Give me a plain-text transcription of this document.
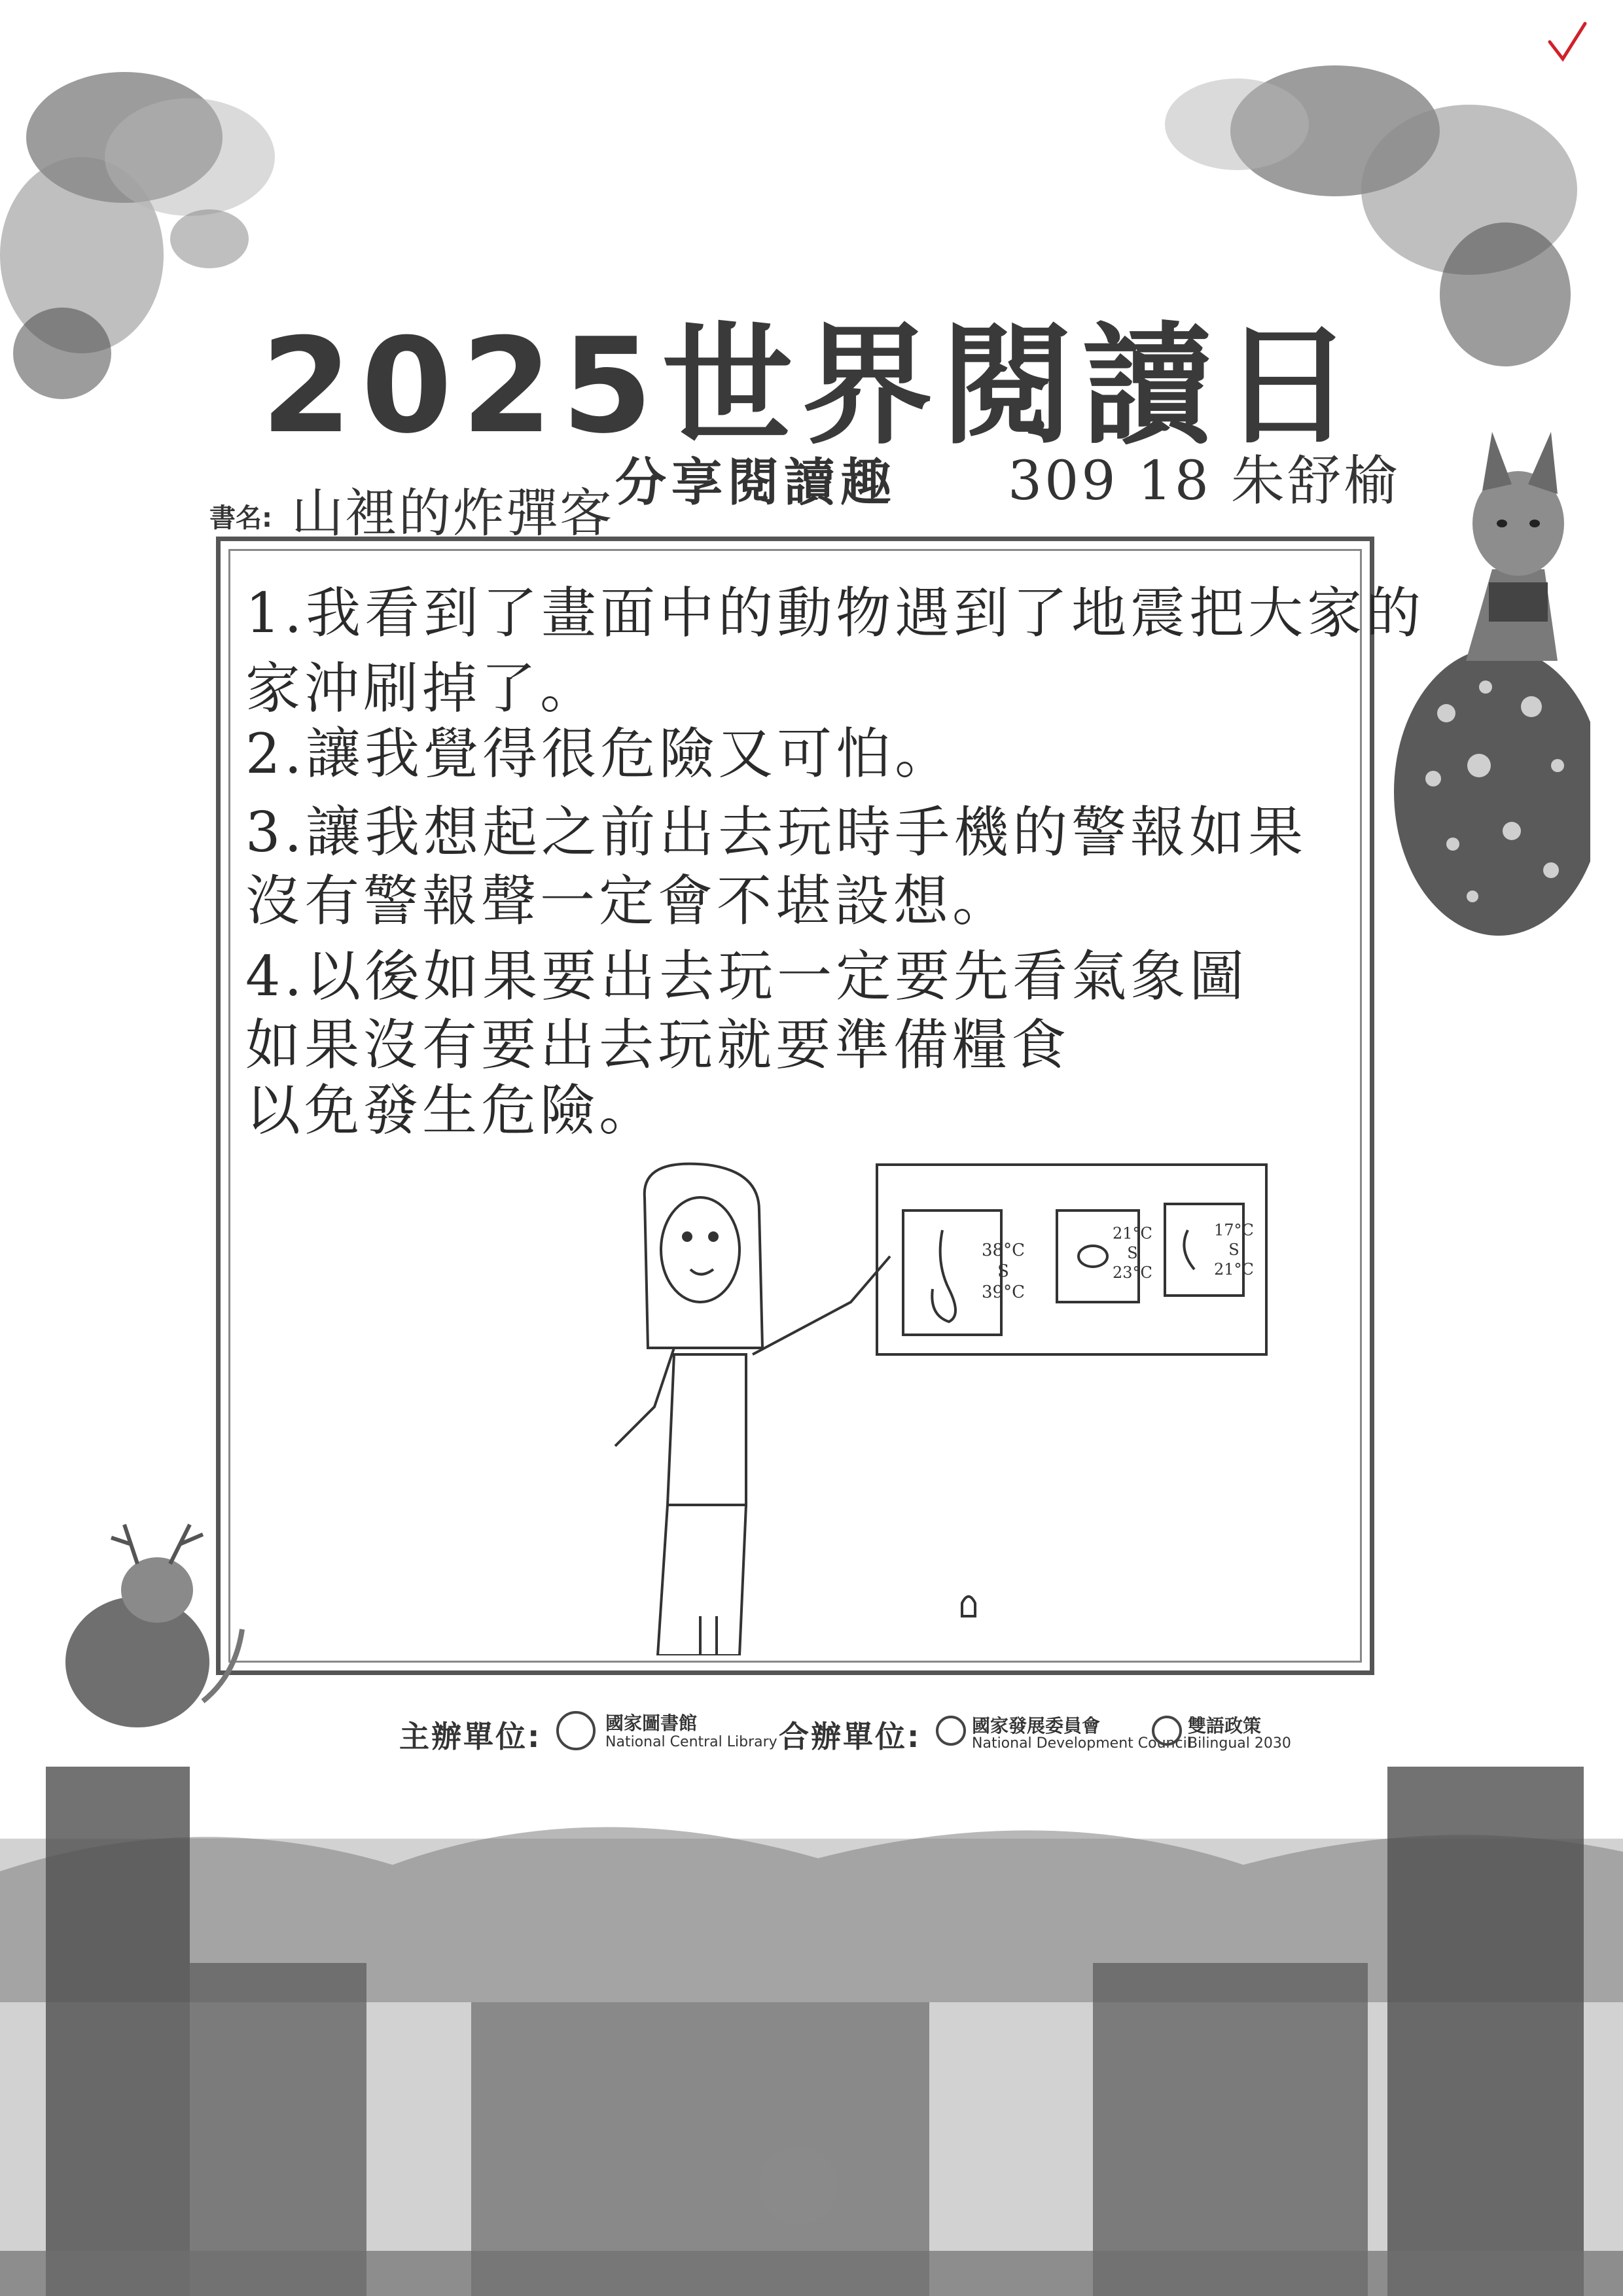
2025世界閱讀日
分享閱讀趣 309 18 朱舒榆
書名: 山裡的炸彈客
1.我看到了畫面中的動物遇到了地震把大家的
家沖刷掉了。
2.讓我覺得很危險又可怕。
3.讓我想起之前出去玩時手機的警報如果
沒有警報聲一定會不堪設想。
4.以後如果要出去玩一定要先看氣象圖
如果沒有要出去玩就要準備糧食
以免發生危險。
38°C
S
39°C
21°C
S
23°C
17°C
S
21°C
主辦單位:	國家圖書館
National Central Library 合辦單位:	國家發展委員會
National Development Council
雙語政策
Bilingual 2030
